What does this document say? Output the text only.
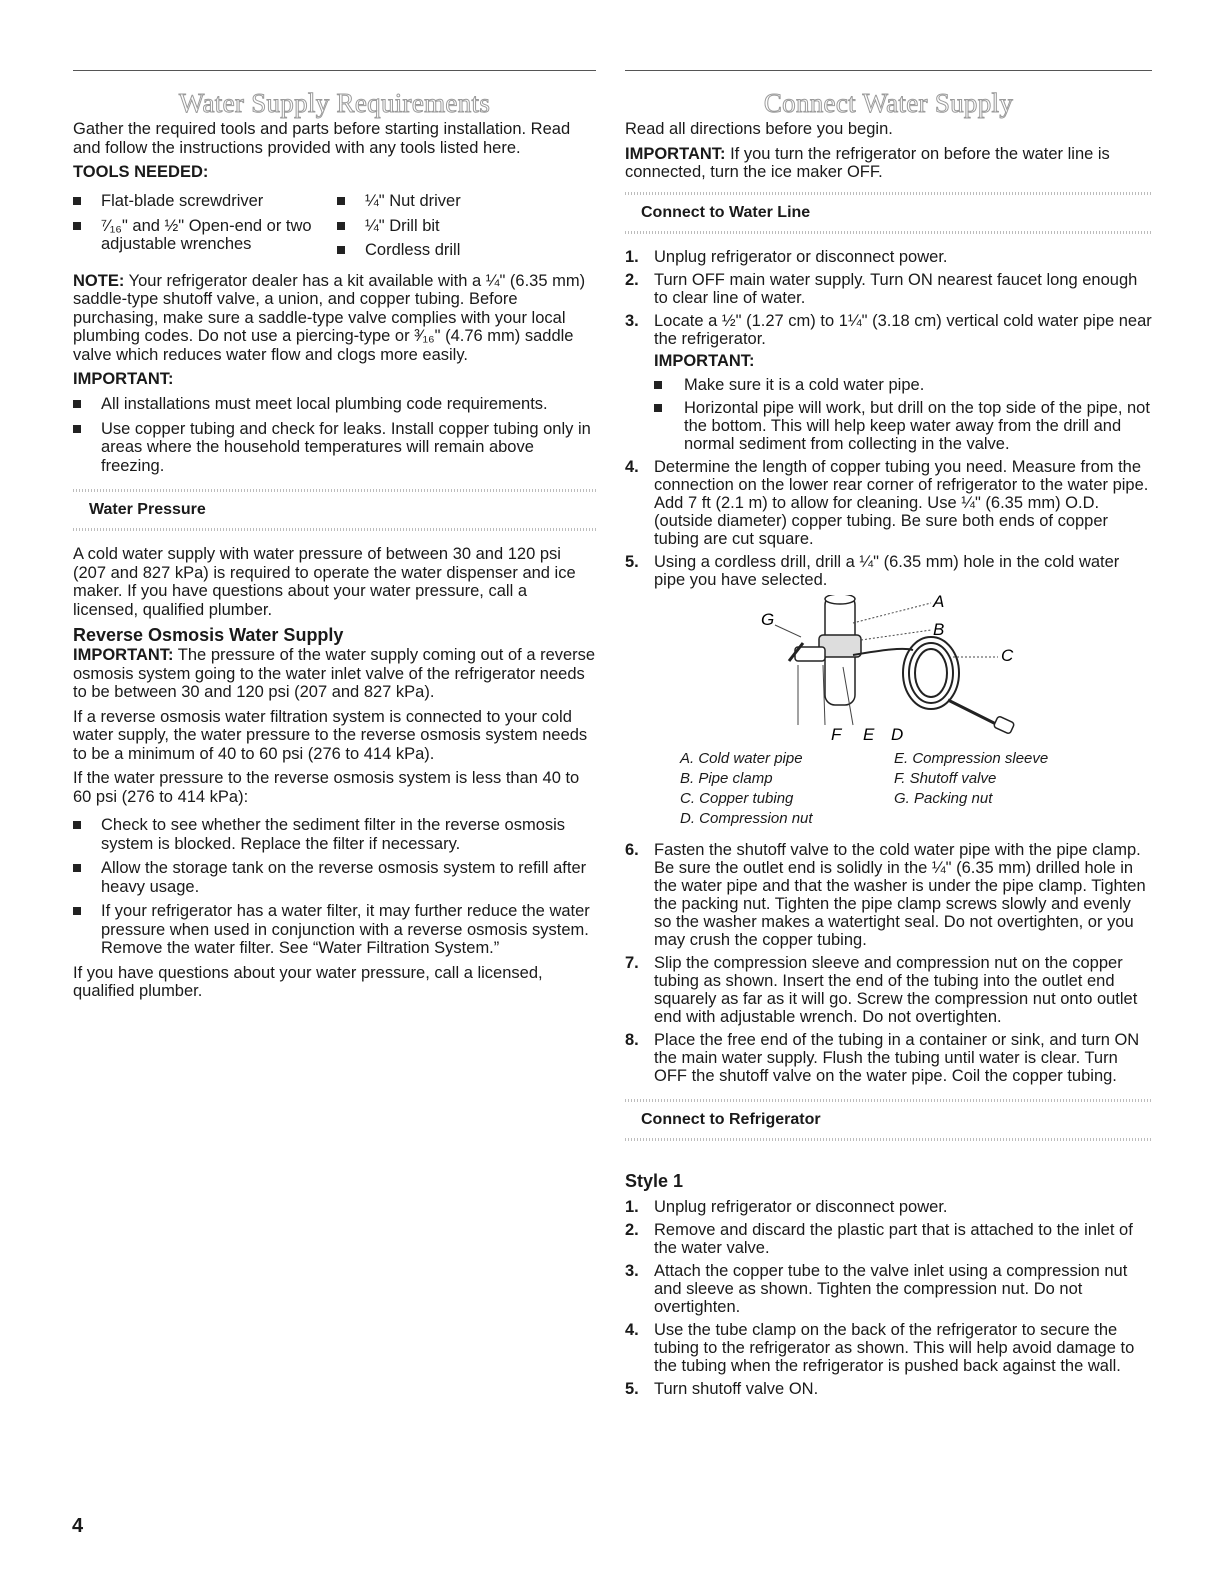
Water Supply Requirements

Gather the required tools and parts before starting installation. Read and follow the instructions provided with any tools listed here.

TOOLS NEEDED:
Flat-blade screwdriver
⁷⁄₁₆" and ½" Open-end or two adjustable wrenches
¼" Nut driver
¼" Drill bit
Cordless drill

NOTE: Your refrigerator dealer has a kit available with a ¼" (6.35 mm) saddle-type shutoff valve, a union, and copper tubing. Before purchasing, make sure a saddle-type valve complies with your local plumbing codes. Do not use a piercing-type or ³⁄₁₆" (4.76 mm) saddle valve which reduces water flow and clogs more easily.

IMPORTANT:
All installations must meet local plumbing code requirements.
Use copper tubing and check for leaks. Install copper tubing only in areas where the household temperatures will remain above freezing.
Water Pressure

A cold water supply with water pressure of between 30 and 120 psi (207 and 827 kPa) is required to operate the water dispenser and ice maker. If you have questions about your water pressure, call a licensed, qualified plumber.

Reverse Osmosis Water Supply

IMPORTANT: The pressure of the water supply coming out of a reverse osmosis system going to the water inlet valve of the refrigerator needs to be between 30 and 120 psi (207 and 827 kPa).

If a reverse osmosis water filtration system is connected to your cold water supply, the water pressure to the reverse osmosis system needs to be a minimum of 40 to 60 psi (276 to 414 kPa).

If the water pressure to the reverse osmosis system is less than 40 to 60 psi (276 to 414 kPa):

Check to see whether the sediment filter in the reverse osmosis system is blocked. Replace the filter if necessary.
Allow the storage tank on the reverse osmosis system to refill after heavy usage.
If your refrigerator has a water filter, it may further reduce the water pressure when used in conjunction with a reverse osmosis system. Remove the water filter. See “Water Filtration System.”

If you have questions about your water pressure, call a licensed, qualified plumber.

Connect Water Supply

Read all directions before you begin.

IMPORTANT: If you turn the refrigerator on before the water line is connected, turn the ice maker OFF.

Connect to Water Line
1. Unplug refrigerator or disconnect power.
2. Turn OFF main water supply. Turn ON nearest faucet long enough to clear line of water.
3. Locate a ½" (1.27 cm) to 1¼" (3.18 cm) vertical cold water pipe near the refrigerator.
IMPORTANT:
Make sure it is a cold water pipe.
Horizontal pipe will work, but drill on the top side of the pipe, not the bottom. This will help keep water away from the drill and normal sediment from collecting in the valve.
4. Determine the length of copper tubing you need. Measure from the connection on the lower rear corner of refrigerator to the water pipe. Add 7 ft (2.1 m) to allow for cleaning. Use ¼" (6.35 mm) O.D. (outside diameter) copper tubing. Be sure both ends of copper tubing are cut square.
5. Using a cordless drill, drill a ¼" (6.35 mm) hole in the cold water pipe you have selected.
A
B
C
D
E
F
G
A. Cold water pipe	E. Compression sleeve
B. Pipe clamp	F. Shutoff valve
C. Copper tubing	G. Packing nut
D. Compression nut
6. Fasten the shutoff valve to the cold water pipe with the pipe clamp. Be sure the outlet end is solidly in the ¼" (6.35 mm) drilled hole in the water pipe and that the washer is under the pipe clamp. Tighten the packing nut. Tighten the pipe clamp screws slowly and evenly so the washer makes a watertight seal. Do not overtighten, or you may crush the copper tubing.
7. Slip the compression sleeve and compression nut on the copper tubing as shown. Insert the end of the tubing into the outlet end squarely as far as it will go. Screw the compression nut onto outlet end with adjustable wrench. Do not overtighten.
8. Place the free end of the tubing in a container or sink, and turn ON the main water supply. Flush the tubing until water is clear. Turn OFF the shutoff valve on the water pipe. Coil the copper tubing.
Connect to Refrigerator
Style 1
1. Unplug refrigerator or disconnect power.
2. Remove and discard the plastic part that is attached to the inlet of the water valve.
3. Attach the copper tube to the valve inlet using a compression nut and sleeve as shown. Tighten the compression nut. Do not overtighten.
4. Use the tube clamp on the back of the refrigerator to secure the tubing to the refrigerator as shown. This will help avoid damage to the tubing when the refrigerator is pushed back against the wall.
5. Turn shutoff valve ON.
4
